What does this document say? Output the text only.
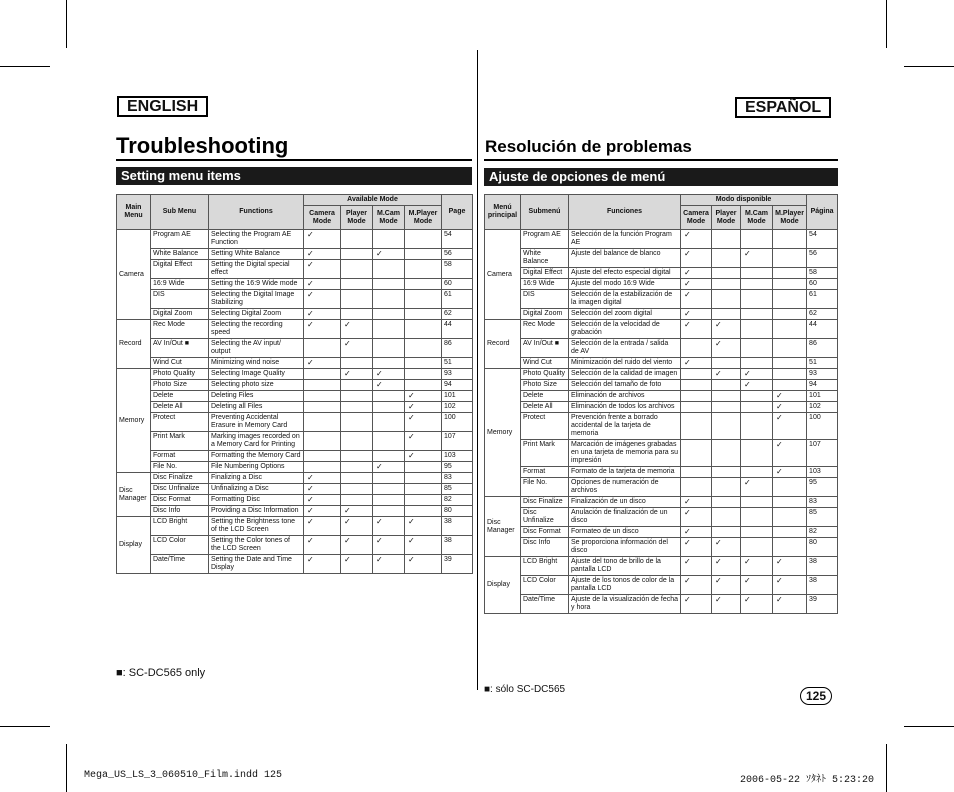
ENGLISH	ESPAÑOL
Troubleshooting	Resolución de problemas
Setting menu items	Ajuste de opciones de menú
Main Menu	Sub Menu	Functions	Available Mode				Page
			Camera Mode	Player Mode	M.Cam Mode	M.Player Mode	
Camera	Program AE	Selecting the Program AE Function	✓				54
	White Balance	Setting White Balance	✓		✓		56
	Digital Effect	Setting the Digital special effect	✓				58
	16:9 Wide	Setting the 16:9 Wide mode	✓				60
	DIS	Selecting the Digital Image Stabilizing	✓				61
	Digital Zoom	Selecting Digital Zoom	✓				62
Record	Rec Mode	Selecting the recording speed	✓	✓			44
	AV In/Out ■	Selecting the AV input/ output		✓			86
	Wind Cut	Minimizing wind noise	✓				51
Memory	Photo Quality	Selecting Image Quality		✓	✓		93
	Photo Size	Selecting photo size			✓		94
	Delete	Deleting Files				✓	101
	Delete All	Deleting all Files				✓	102
	Protect	Preventing Accidental Erasure in Memory Card				✓	100
	Print Mark	Marking images recorded on a Memory Card for Printing				✓	107
	Format	Formatting the Memory Card				✓	103
	File No.	File Numbering Options			✓		95
Disc Manager	Disc Finalize	Finalizing a Disc	✓				83
	Disc Unfinalize	Unfinalizing a Disc	✓				85
	Disc Format	Formatting Disc	✓				82
	Disc Info	Providing a Disc Information	✓	✓			80
Display	LCD Bright	Setting the Brightness tone of the LCD Screen	✓	✓	✓	✓	38
	LCD Color	Setting the Color tones of the LCD Screen	✓	✓	✓	✓	38
	Date/Time	Setting the Date and Time Display	✓	✓	✓	✓	39
Menú principal	Submenú	Funciones	Modo disponible				Página
			Camera Mode	Player Mode	M.Cam Mode	M.Player Mode	
Camera	Program AE	Selección de la función Program AE	✓				54
	White Balance	Ajuste del balance de blanco	✓		✓		56
	Digital Effect	Ajuste del efecto especial digital	✓				58
	16:9 Wide	Ajuste del modo 16:9 Wide	✓				60
	DIS	Selección de la estabilización de la imagen digital	✓				61
	Digital Zoom	Selección del zoom digital	✓				62
Record	Rec Mode	Selección de la velocidad de grabación	✓	✓			44
	AV In/Out ■	Selección de la entrada / salida de AV		✓			86
	Wind Cut	Minimización del ruido del viento	✓				51
Memory	Photo Quality	Selección de la calidad de imagen		✓	✓		93
	Photo Size	Selección del tamaño de foto			✓		94
	Delete	Eliminación de archivos				✓	101
	Delete All	Eliminación de todos los archivos				✓	102
	Protect	Prevención frente a borrado accidental de la tarjeta de memoria				✓	100
	Print Mark	Marcación de imágenes grabadas en una tarjeta de memoria para su impresión				✓	107
	Format	Formato de la tarjeta de memoria				✓	103
	File No.	Opciones de numeración de archivos			✓		95
Disc Manager	Disc Finalize	Finalización de un disco	✓				83
	Disc Unfinalize	Anulación de finalización de un disco	✓				85
	Disc Format	Formateo de un disco	✓				82
	Disc Info	Se proporciona información del disco	✓	✓			80
Display	LCD Bright	Ajuste del tono de brillo de la pantalla LCD	✓	✓	✓	✓	38
	LCD Color	Ajuste de los tonos de color de la pantalla LCD	✓	✓	✓	✓	38
	Date/Time	Ajuste de la visualización de fecha y hora	✓	✓	✓	✓	39
■: SC-DC565 only
■: sólo SC-DC565	125
Mega_US_LS_3_060510_Film.indd 125	2006-05-22 ｿﾀﾈﾄ 5:23:20
